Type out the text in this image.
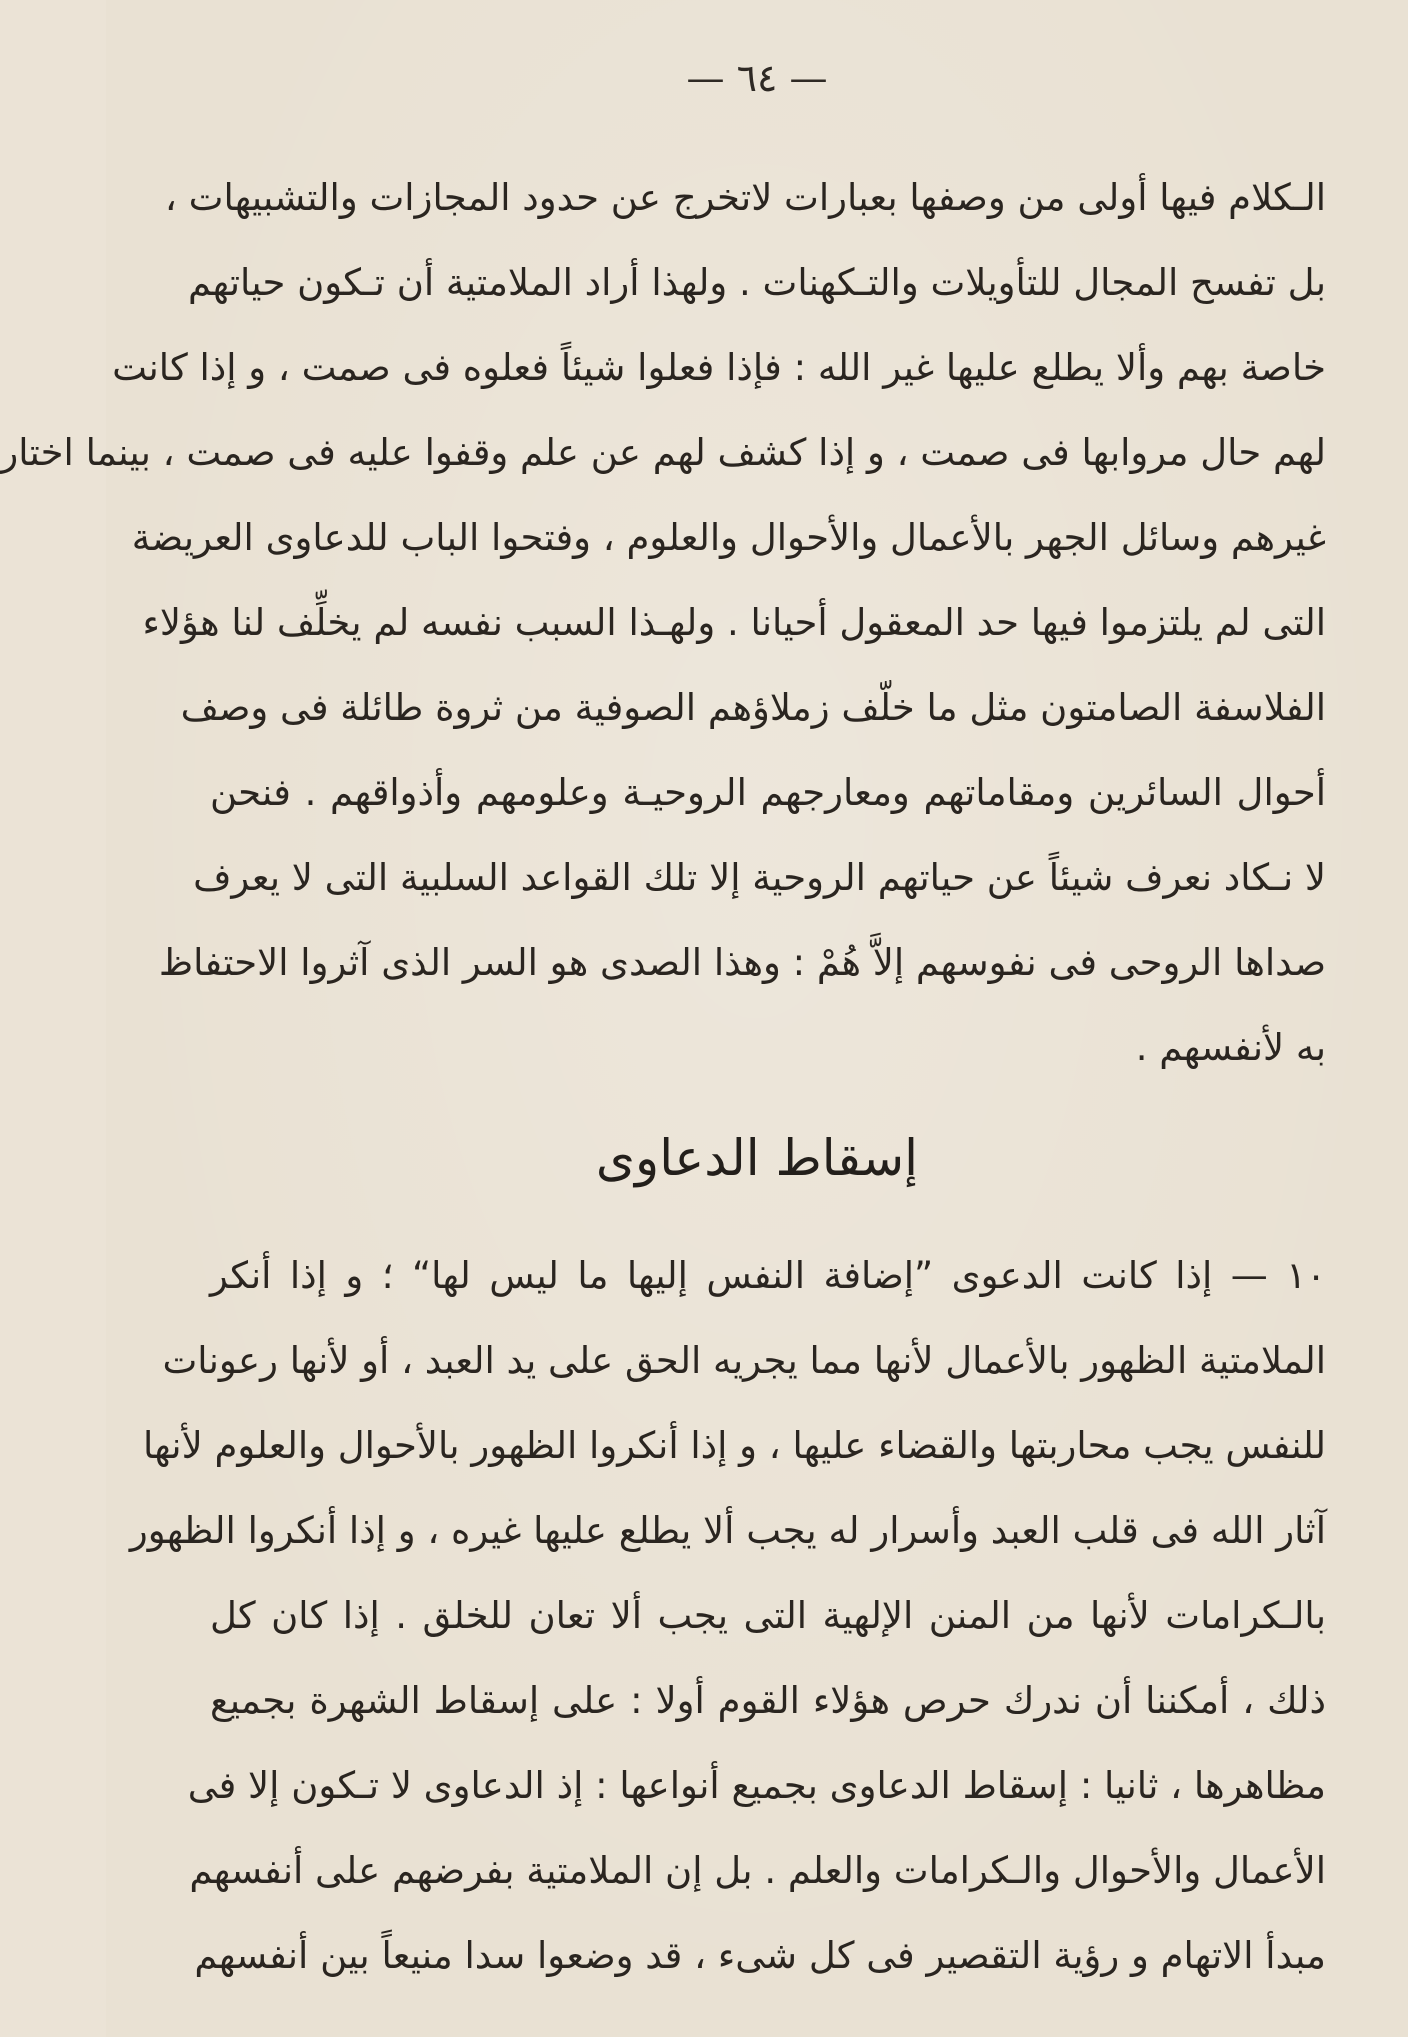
— ٦٤ —
الـكلام فيها أولى من وصفها بعبارات لاتخرج عن حدود المجازات والتشبيهات ،
بل تفسح المجال للتأويلات والتـكهنات . ولهذا أراد الملامتية أن تـكون حياتهم
خاصة بهم وألا يطلع عليها غير الله : فإذا فعلوا شيئاً فعلوه فى صمت ، و إذا كانت
لهم حال مروابها فى صمت ، و إذا كشف لهم عن علم وقفوا عليه فى صمت ، بينما اختار
غيرهم وسائل الجهر بالأعمال والأحوال والعلوم ، وفتحوا الباب للدعاوى العريضة
التى لم يلتزموا فيها حد المعقول أحيانا . ولهـذا السبب نفسه لم يخلِّف لنا هؤلاء
الفلاسفة الصامتون مثل ما خلّف زملاؤهم الصوفية من ثروة طائلة فى وصف
أحوال السائرين ومقاماتهم ومعارجهم الروحيـة وعلومهم وأذواقهم . فنحن
لا نـكاد نعرف شيئاً عن حياتهم الروحية إلا تلك القواعد السلبية التى لا يعرف
صداها الروحى فى نفوسهم إلاَّ هُمْ : وهذا الصدى هو السر الذى آثروا الاحتفاظ
به لأنفسهم .
إسقاط الدعاوى
١٠ — إذا كانت الدعوى ”إضافة النفس إليها ما ليس لها“ ؛ و إذا أنكر
الملامتية الظهور بالأعمال لأنها مما يجريه الحق على يد العبد ، أو لأنها رعونات
للنفس يجب محاربتها والقضاء عليها ، و إذا أنكروا الظهور بالأحوال والعلوم لأنها
آثار الله فى قلب العبد وأسرار له يجب ألا يطلع عليها غيره ، و إذا أنكروا الظهور
بالـكرامات لأنها من المنن الإلهية التى يجب ألا تعان للخلق . إذا كان كل
ذلك ، أمكننا أن ندرك حرص هؤلاء القوم أولا : على إسقاط الشهرة بجميع
مظاهرها ، ثانيا : إسقاط الدعاوى بجميع أنواعها : إذ الدعاوى لا تـكون إلا فى
الأعمال والأحوال والـكرامات والعلم . بل إن الملامتية بفرضهم على أنفسهم
مبدأ الاتهام و رؤية التقصير فى كل شىء ، قد وضعوا سدا منيعاً بين أنفسهم
